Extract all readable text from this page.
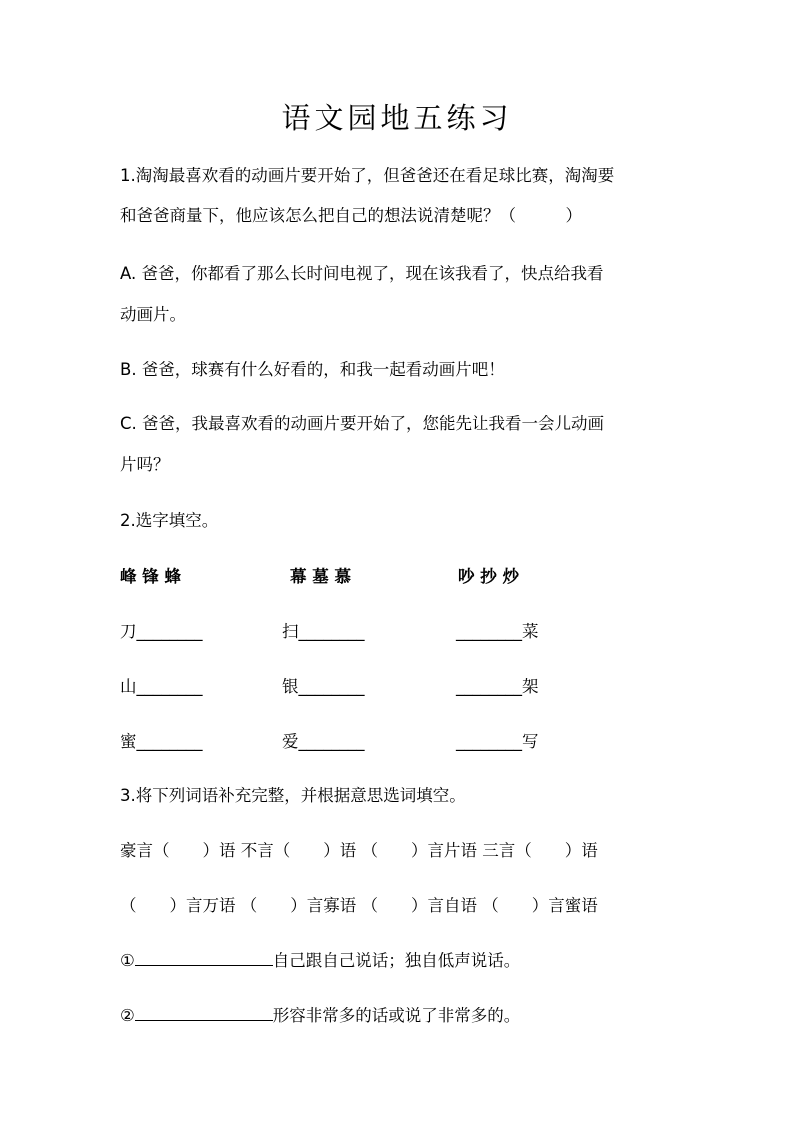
语文园地五练习
1.淘淘最喜欢看的动画片要开始了，但爸爸还在看足球比赛，淘淘要
和爸爸商量下，他应该怎么把自己的想法说清楚呢？（　　　）
A. 爸爸，你都看了那么长时间电视了，现在该我看了，快点给我看
动画片。
B. 爸爸，球赛有什么好看的，和我一起看动画片吧！
C. 爸爸，我最喜欢看的动画片要开始了，您能先让我看一会儿动画
片吗？
2.选字填空。
峰 锋 蜂	幕 墓 慕	吵 抄 炒
刀________	扫________	________菜
山________	银________	________架
蜜________	爱________	________写
3.将下列词语补充完整，并根据意思选词填空。
豪言（　　）语 不言（　　）语 （　　）言片语 三言（　　）语
（　　）言万语 （　　）言寡语 （　　）言自语 （　　）言蜜语
①	自己跟自己说话；独自低声说话。
②	形容非常多的话或说了非常多的。
